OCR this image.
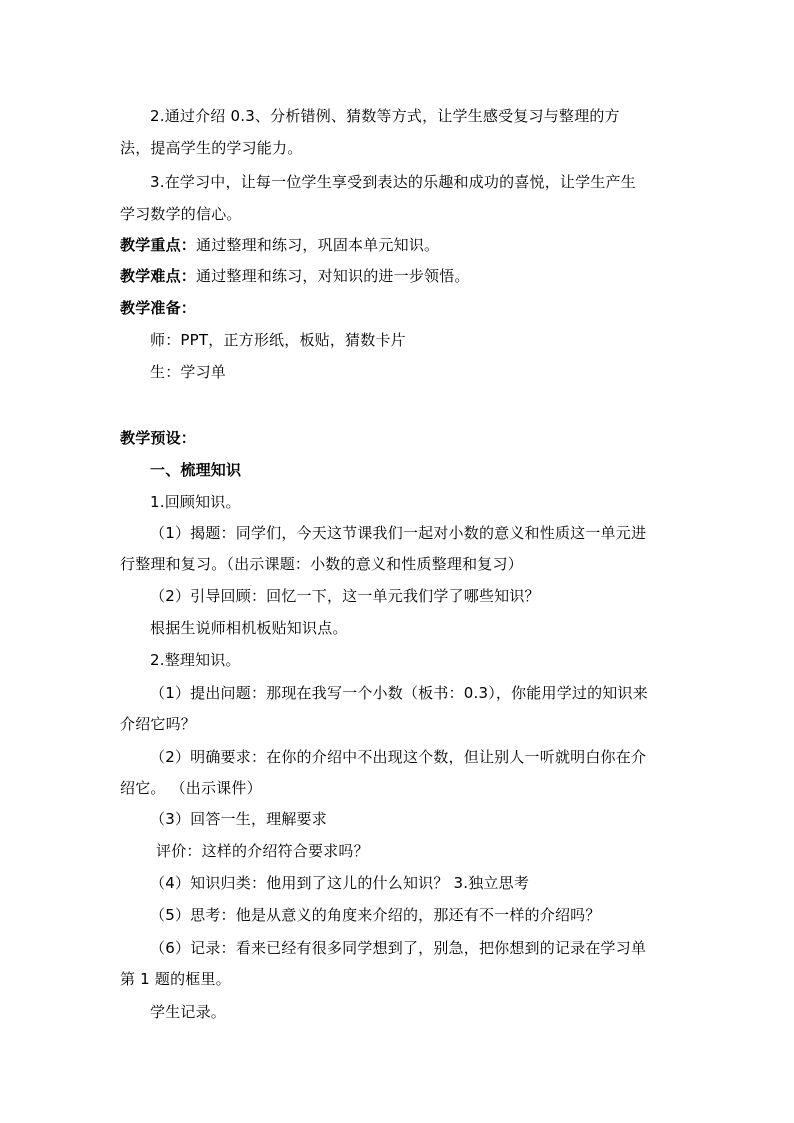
2.通过介绍 0.3、分析错例、猜数等方式，让学生感受复习与整理的方
法，提高学生的学习能力。
3.在学习中，让每一位学生享受到表达的乐趣和成功的喜悦，让学生产生
学习数学的信心。
教学重点：通过整理和练习，巩固本单元知识。
教学难点：通过整理和练习，对知识的进一步领悟。
教学准备：
师：PPT，正方形纸，板贴，猜数卡片
生：学习单
教学预设：
一、梳理知识
1.回顾知识。
（1）揭题：同学们，今天这节课我们一起对小数的意义和性质这一单元进
行整理和复习。（出示课题：小数的意义和性质整理和复习）
（2）引导回顾：回忆一下，这一单元我们学了哪些知识？
根据生说师相机板贴知识点。
2.整理知识。
（1）提出问题：那现在我写一个小数（板书：0.3），你能用学过的知识来
介绍它吗？
（2）明确要求：在你的介绍中不出现这个数，但让别人一听就明白你在介
绍它。 （出示课件）
（3）回答一生，理解要求
评价：这样的介绍符合要求吗？
（4）知识归类：他用到了这儿的什么知识？ 3.独立思考
（5）思考：他是从意义的角度来介绍的，那还有不一样的介绍吗？
（6）记录：看来已经有很多同学想到了，别急，把你想到的记录在学习单
第 1 题的框里。
学生记录。
